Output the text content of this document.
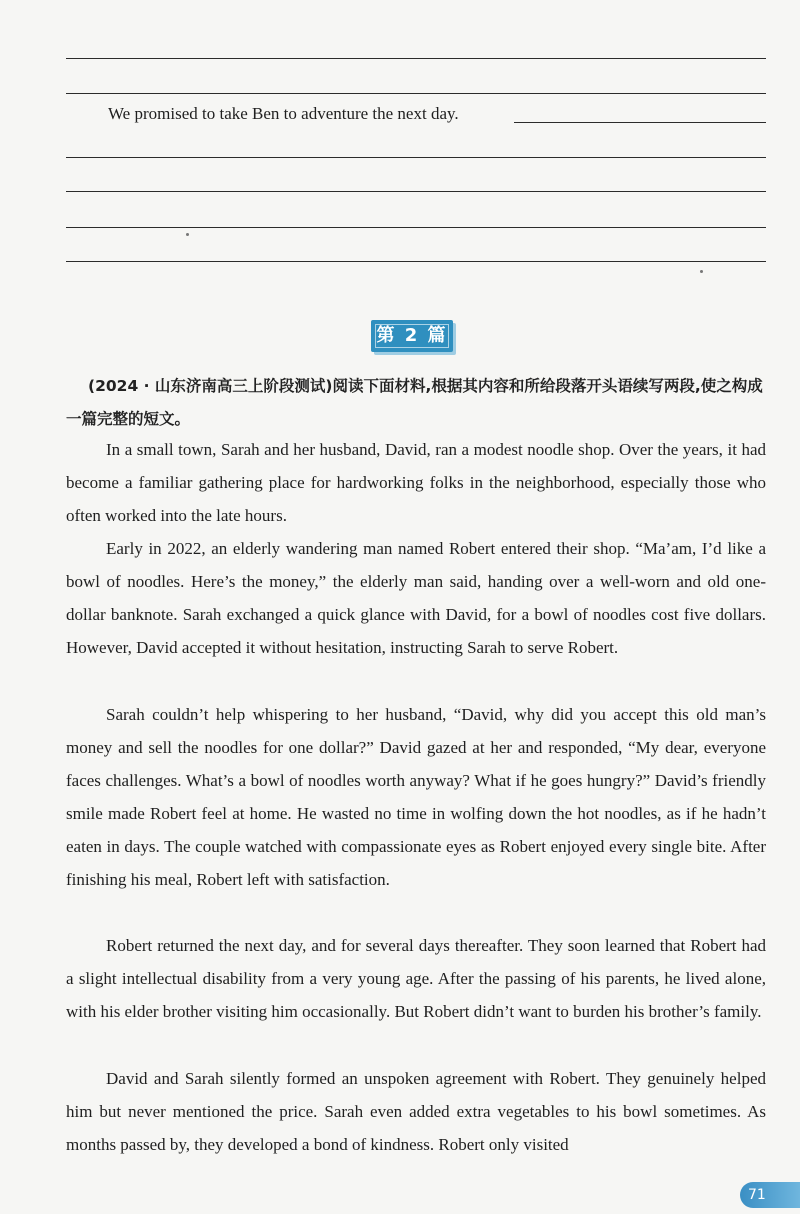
We promised to take Ben to adventure the next day.
第 2 篇
(2024 · 山东济南高三上阶段测试)阅读下面材料,根据其内容和所给段落开头语续写两段,使之构成一篇完整的短文。
In a small town, Sarah and her husband, David, ran a modest noodle shop. Over the years, it had become a familiar gathering place for hardworking folks in the neighborhood, especially those who often worked into the late hours.
Early in 2022, an elderly wandering man named Robert entered their shop. “Ma’am, I’d like a bowl of noodles. Here’s the money,” the elderly man said, handing over a well-worn and old one-dollar banknote. Sarah exchanged a quick glance with David, for a bowl of noodles cost five dollars. However, David accepted it without hesitation, instructing Sarah to serve Robert.
Sarah couldn’t help whispering to her husband, “David, why did you accept this old man’s money and sell the noodles for one dollar?” David gazed at her and responded, “My dear, everyone faces challenges. What’s a bowl of noodles worth anyway? What if he goes hungry?” David’s friendly smile made Robert feel at home. He wasted no time in wolfing down the hot noodles, as if he hadn’t eaten in days. The couple watched with compassionate eyes as Robert enjoyed every single bite. After finishing his meal, Robert left with satisfaction.
Robert returned the next day, and for several days thereafter. They soon learned that Robert had a slight intellectual disability from a very young age. After the passing of his parents, he lived alone, with his elder brother visiting him occasionally. But Robert didn’t want to burden his brother’s family.
David and Sarah silently formed an unspoken agreement with Robert. They genuinely helped him but never mentioned the price. Sarah even added extra vegetables to his bowl sometimes. As months passed by, they developed a bond of kindness. Robert only visited
71
